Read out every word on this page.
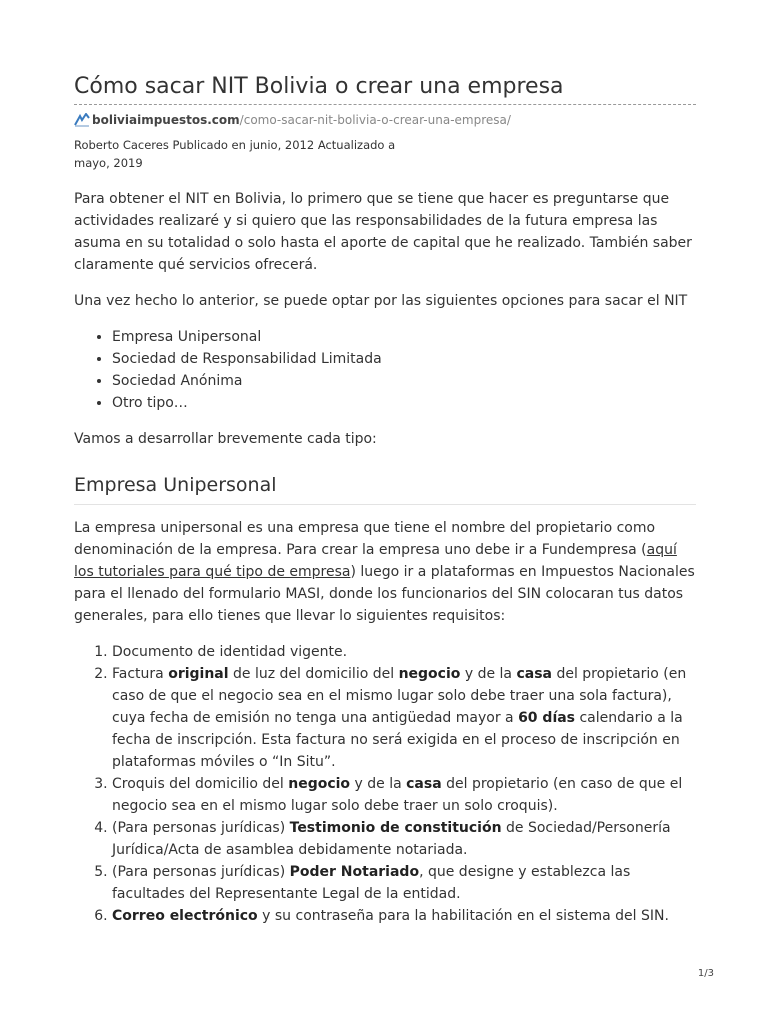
Cómo sacar NIT Bolivia o crear una empresa
boliviaimpuestos.com/como-sacar-nit-bolivia-o-crear-una-empresa/
Roberto Caceres Publicado en junio, 2012 Actualizado a mayo, 2019

Para obtener el NIT en Bolivia, lo primero que se tiene que hacer es preguntarse que actividades realizaré y si quiero que las responsabilidades de la futura empresa las asuma en su totalidad o solo hasta el aporte de capital que he realizado. También saber claramente qué servicios ofrecerá.

Una vez hecho lo anterior, se puede optar por las siguientes opciones para sacar el NIT

• Empresa Unipersonal
• Sociedad de Responsabilidad Limitada
• Sociedad Anónima
• Otro tipo…

Vamos a desarrollar brevemente cada tipo:

Empresa Unipersonal

La empresa unipersonal es una empresa que tiene el nombre del propietario como denominación de la empresa. Para crear la empresa uno debe ir a Fundempresa (aquí los tutoriales para qué tipo de empresa) luego ir a plataformas en Impuestos Nacionales para el llenado del formulario MASI, donde los funcionarios del SIN colocaran tus datos generales, para ello tienes que llevar lo siguientes requisitos:

1. Documento de identidad vigente.
2. Factura original de luz del domicilio del negocio y de la casa del propietario (en caso de que el negocio sea en el mismo lugar solo debe traer una sola factura), cuya fecha de emisión no tenga una antigüedad mayor a 60 días calendario a la fecha de inscripción. Esta factura no será exigida en el proceso de inscripción en plataformas móviles o “In Situ”.
3. Croquis del domicilio del negocio y de la casa del propietario (en caso de que el negocio sea en el mismo lugar solo debe traer un solo croquis).
4. (Para personas jurídicas) Testimonio de constitución de Sociedad/Personería Jurídica/Acta de asamblea debidamente notariada.
5. (Para personas jurídicas) Poder Notariado, que designe y establezca las facultades del Representante Legal de la entidad.
6. Correo electrónico y su contraseña para la habilitación en el sistema del SIN.
1/3
